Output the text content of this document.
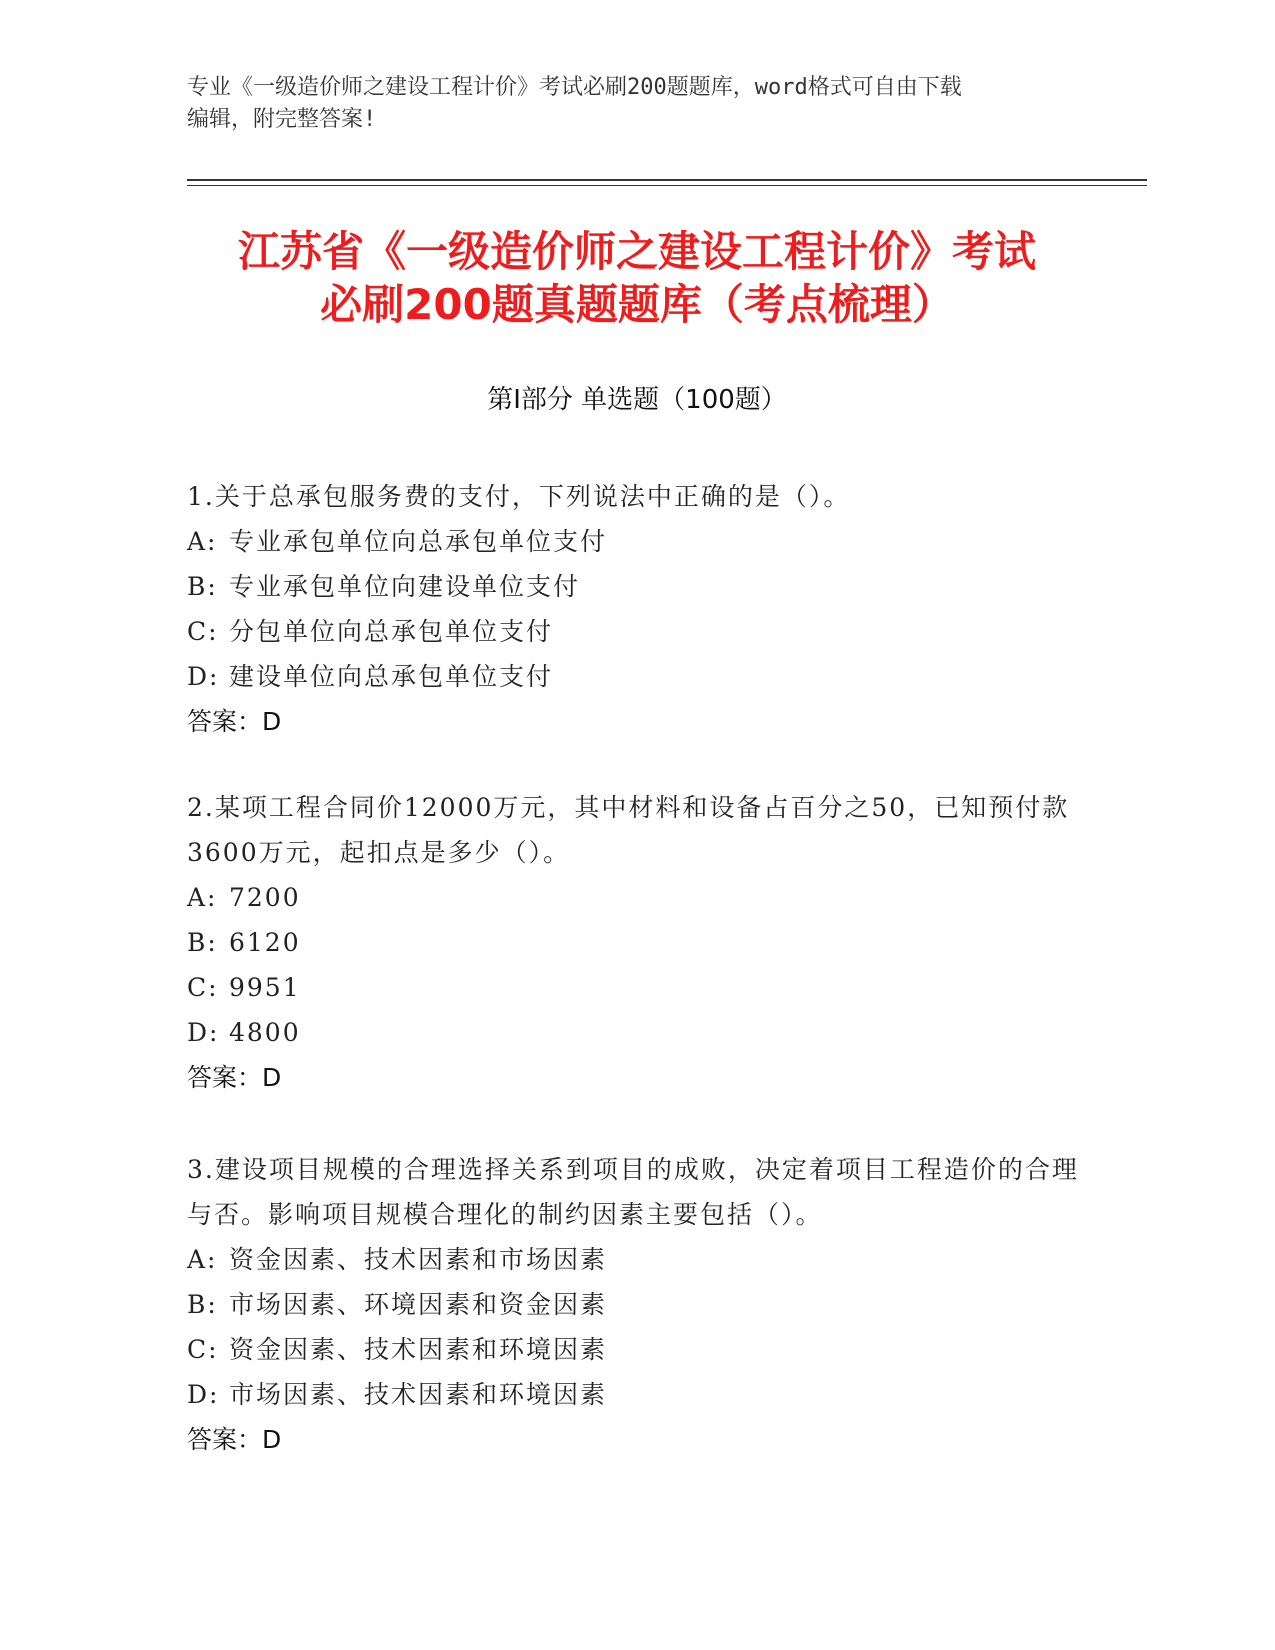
专业《一级造价师之建设工程计价》考试必刷200题题库，word格式可自由下载
编辑，附完整答案!
江苏省《一级造价师之建设工程计价》考试
必刷200题真题题库（考点梳理）
第Ⅰ部分 单选题（100题）

1.关于总承包服务费的支付，下列说法中正确的是（）。

A: 专业承包单位向总承包单位支付

B: 专业承包单位向建设单位支付

C: 分包单位向总承包单位支付

D: 建设单位向总承包单位支付

答案：D

2.某项工程合同价12000万元，其中材料和设备占百分之50，已知预付款3600万元，起扣点是多少（）。

A: 7200

B: 6120

C: 9951

D: 4800

答案：D

3.建设项目规模的合理选择关系到项目的成败，决定着项目工程造价的合理与否。影响项目规模合理化的制约因素主要包括（）。

A: 资金因素、技术因素和市场因素

B: 市场因素、环境因素和资金因素

C: 资金因素、技术因素和环境因素

D: 市场因素、技术因素和环境因素

答案：D
